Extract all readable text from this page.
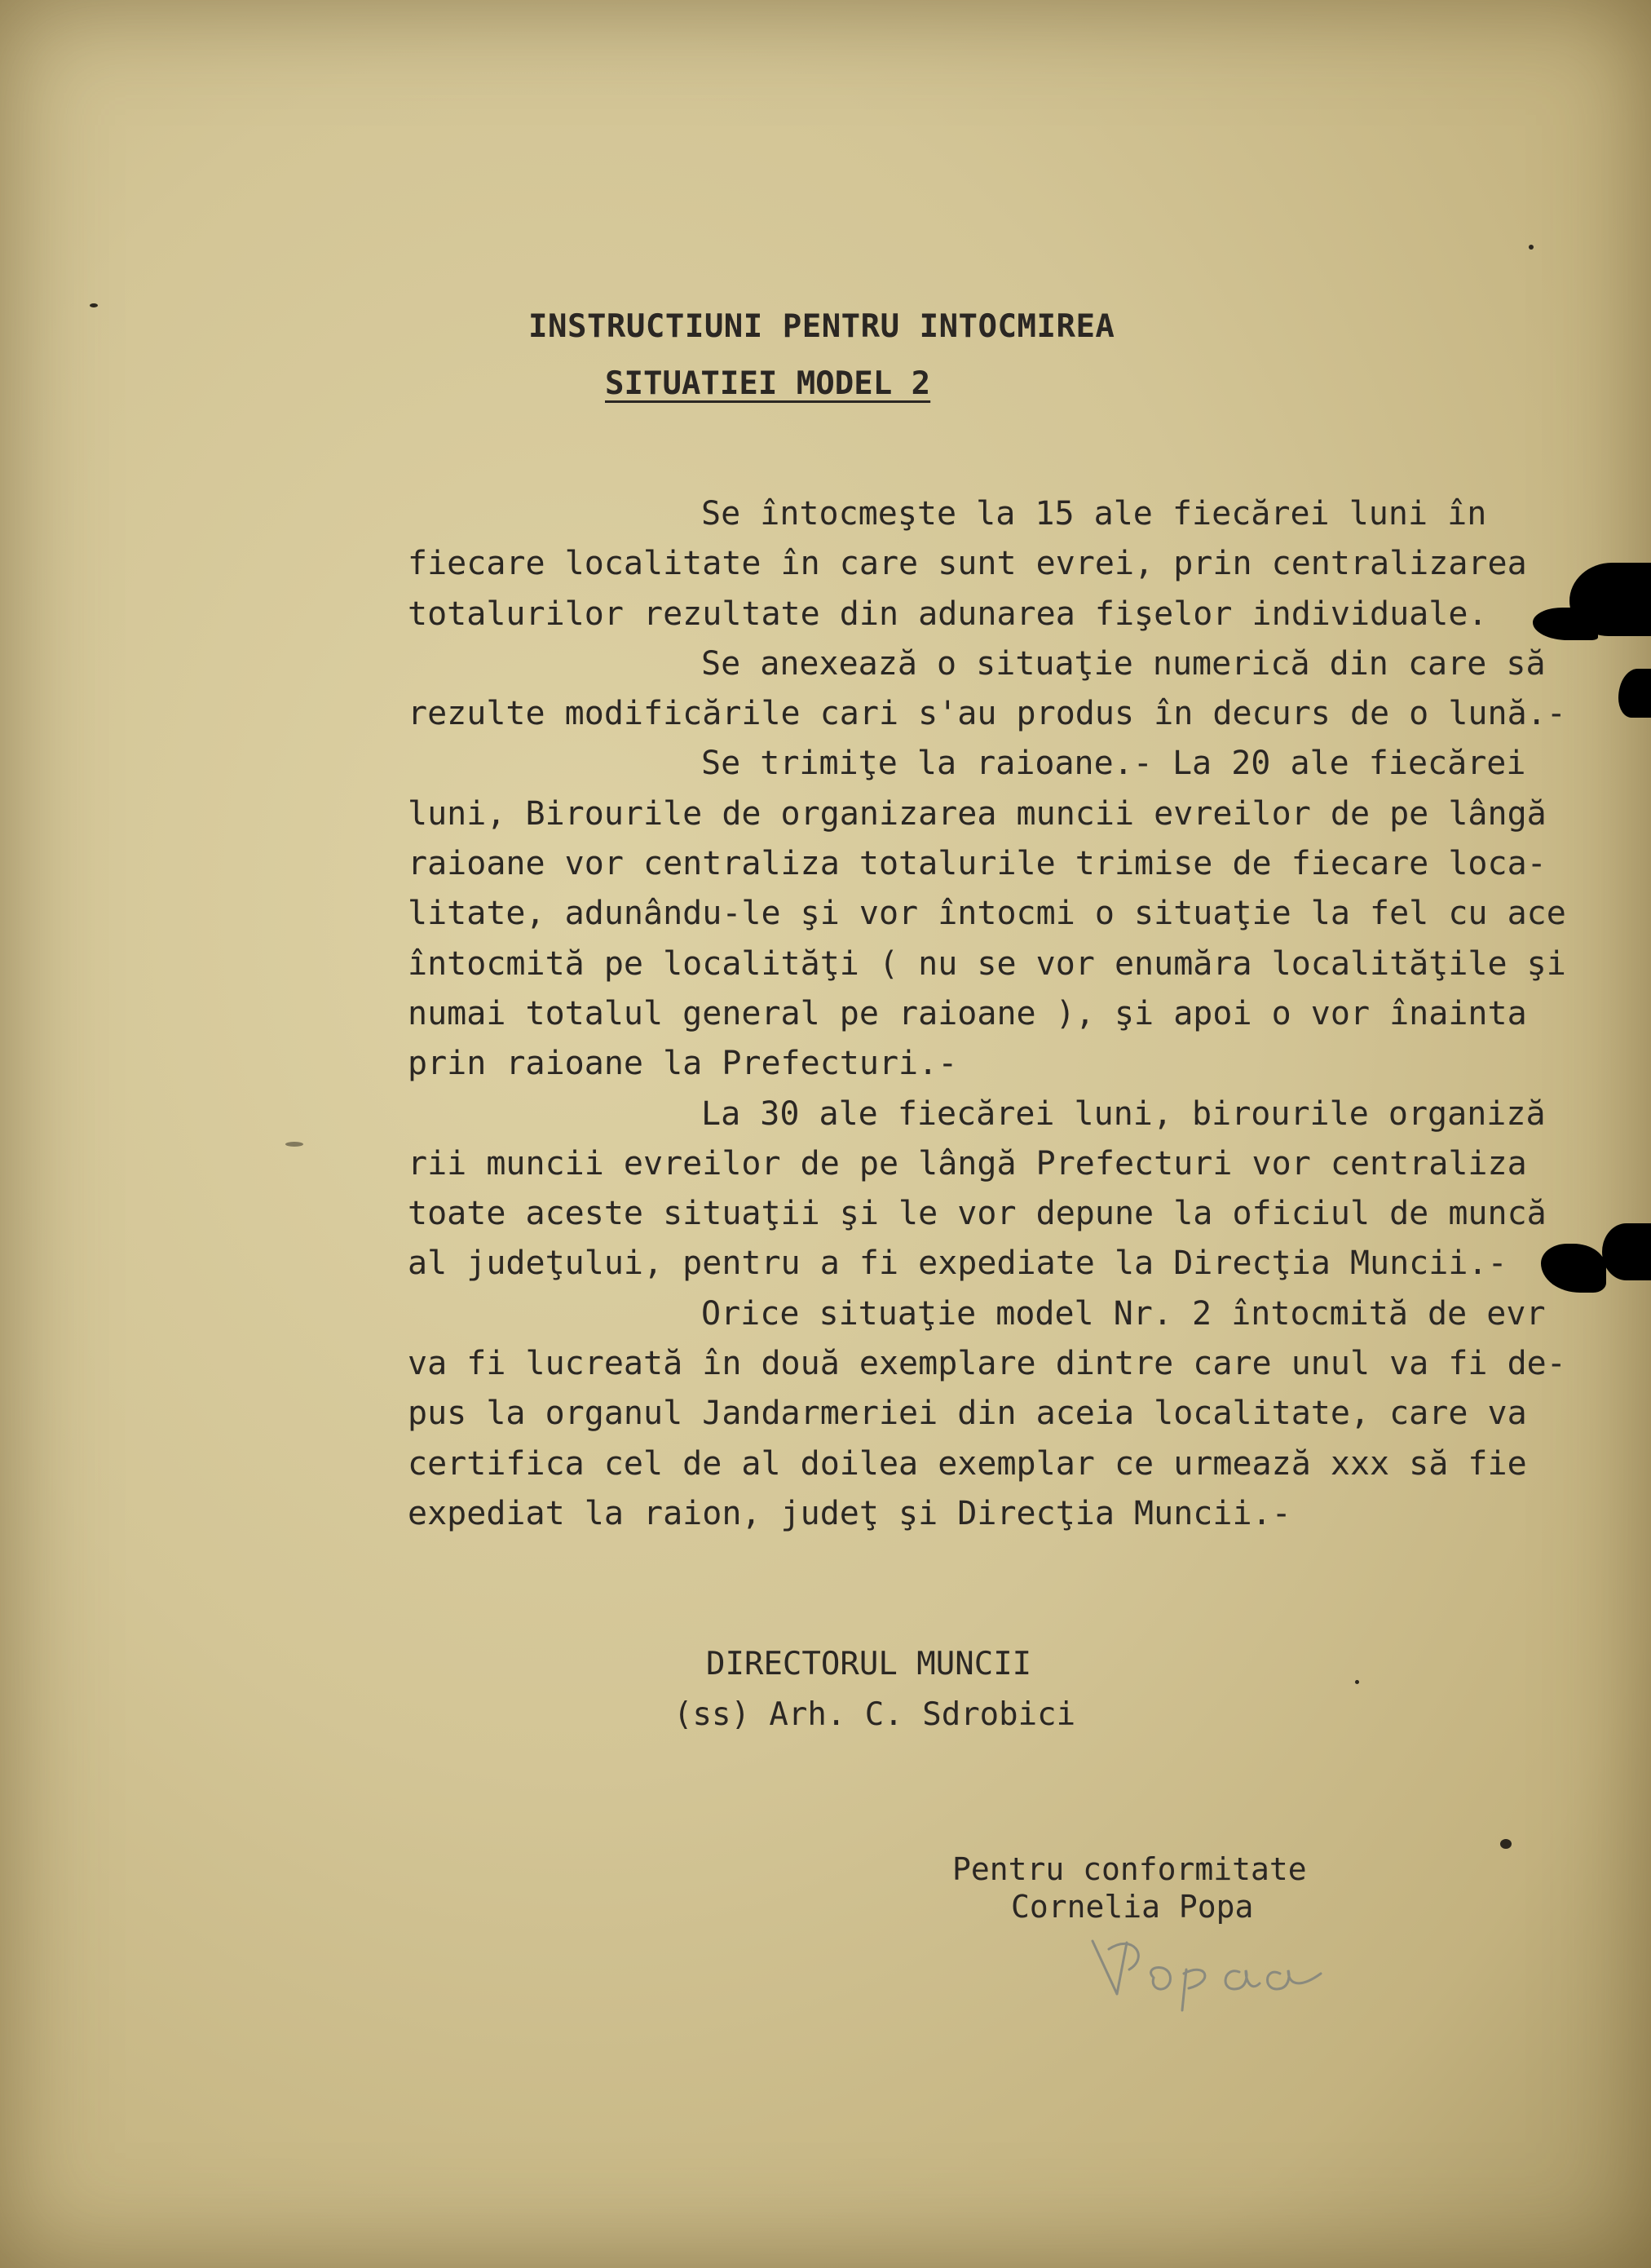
INSTRUCTIUNI PENTRU INTOCMIREA
SITUATIEI MODEL 2
Se întocmeşte la 15 ale fiecărei luni în
fiecare localitate în care sunt evrei, prin centralizarea
totalurilor rezultate din adunarea fişelor individuale.
Se anexează o situaţie numerică din care să
rezulte modificările cari s'au produs în decurs de o lună.-
Se trimiţe la raioane.- La 20 ale fiecărei
luni, Birourile de organizarea muncii evreilor de pe lângă
raioane vor centraliza totalurile trimise de fiecare loca-
litate, adunându-le şi vor întocmi o situaţie la fel cu ace
întocmită pe localităţi ( nu se vor enumăra localităţile şi
numai totalul general pe raioane ), şi apoi o vor înainta
prin raioane la Prefecturi.-
La 30 ale fiecărei luni, birourile organiză
rii muncii evreilor de pe lângă Prefecturi vor centraliza
toate aceste situaţii şi le vor depune la oficiul de muncă
al judeţului, pentru a fi expediate la Direcţia Muncii.-
Orice situaţie model Nr. 2 întocmită de evr
va fi lucreată în două exemplare dintre care unul va fi de-
pus la organul Jandarmeriei din aceia localitate, care va
certifica cel de al doilea exemplar ce urmează xxx să fie
expediat la raion, judeţ şi Direcţia Muncii.-
DIRECTORUL MUNCII
(ss) Arh. C. Sdrobici
Pentru conformitate
Cornelia Popa
